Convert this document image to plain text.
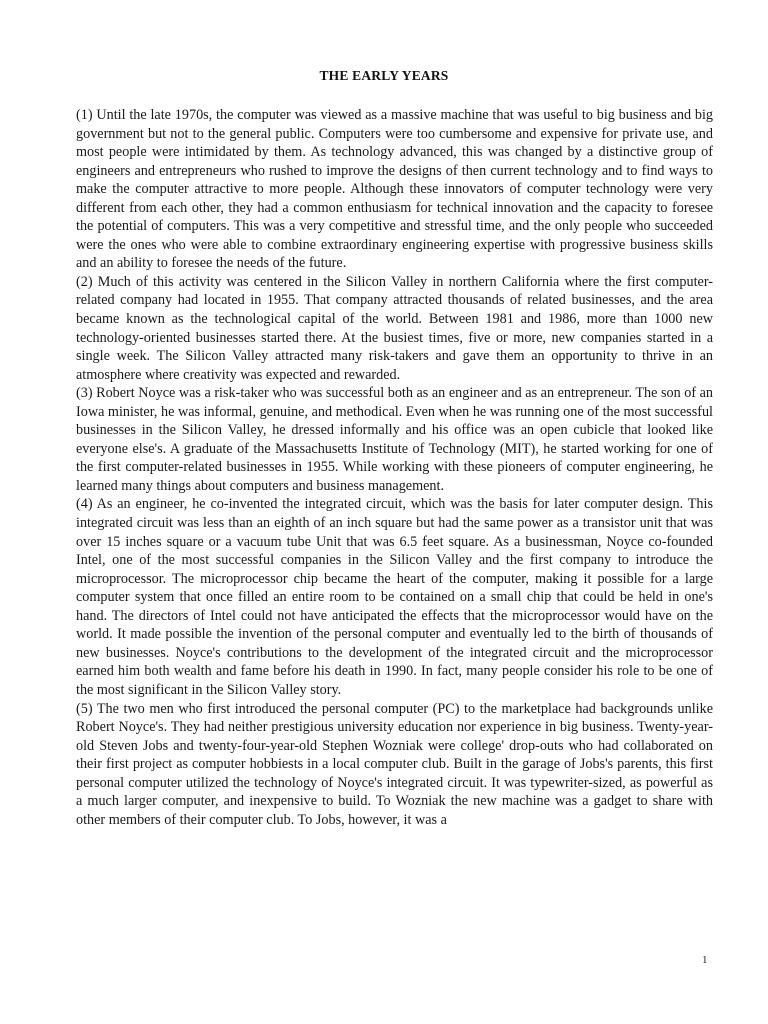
THE EARLY YEARS

(1) Until the late 1970s, the computer was viewed as a massive machine that was useful to big business and big government but not to the general public. Computers were too cumbersome and expensive for private use, and most people were intimidated by them. As technology advanced, this was changed by a distinctive group of engineers and entrepreneurs who rushed to improve the designs of then current technology and to find ways to make the computer attractive to more people. Although these innovators of computer technology were very different from each other, they had a common enthusiasm for technical innovation and the capacity to foresee the potential of computers. This was a very competitive and stressful time, and the only people who succeeded were the ones who were able to combine extraordinary engineering expertise with progressive business skills and an ability to foresee the needs of the future.

(2) Much of this activity was centered in the Silicon Valley in northern California where the first computer-related company had located in 1955. That company attracted thousands of related businesses, and the area became known as the technological capital of the world. Between 1981 and 1986, more than 1000 new technology-oriented businesses started there. At the busiest times, five or more, new companies started in a single week. The Silicon Valley attracted many risk-takers and gave them an opportunity to thrive in an atmosphere where creativity was expected and rewarded.

(3) Robert Noyce was a risk-taker who was successful both as an engineer and as an entrepreneur. The son of an Iowa minister, he was informal, genuine, and methodical. Even when he was running one of the most successful businesses in the Silicon Valley, he dressed informally and his office was an open cubicle that looked like everyone else's. A graduate of the Massachusetts Institute of Technology (MIT), he started working for one of the first computer-related businesses in 1955. While working with these pioneers of computer engineering, he learned many things about computers and business management.

(4) As an engineer, he co-invented the integrated circuit, which was the basis for later computer design. This integrated circuit was less than an eighth of an inch square but had the same power as a transistor unit that was over 15 inches square or a vacuum tube Unit that was 6.5 feet square. As a businessman, Noyce co-founded Intel, one of the most successful companies in the Silicon Valley and the first company to introduce the microprocessor. The microprocessor chip became the heart of the computer, making it possible for a large computer system that once filled an entire room to be contained on a small chip that could be held in one's hand. The directors of Intel could not have anticipated the effects that the microprocessor would have on the world. It made possible the invention of the personal computer and eventually led to the birth of thousands of new businesses. Noyce's contributions to the development of the integrated circuit and the microprocessor earned him both wealth and fame before his death in 1990. In fact, many people consider his role to be one of the most significant in the Silicon Valley story.

(5) The two men who first introduced the personal computer (PC) to the marketplace had backgrounds unlike Robert Noyce's. They had neither prestigious university education nor experience in big business. Twenty-year-old Steven Jobs and twenty-four-year-old Stephen Wozniak were college' drop-outs who had collaborated on their first project as computer hobbiests in a local computer club. Built in the garage of Jobs's parents, this first personal computer utilized the technology of Noyce's integrated circuit. It was typewriter-sized, as powerful as a much larger computer, and inexpensive to build. To Wozniak the new machine was a gadget to share with other members of their computer club. To Jobs, however, it was a

1
